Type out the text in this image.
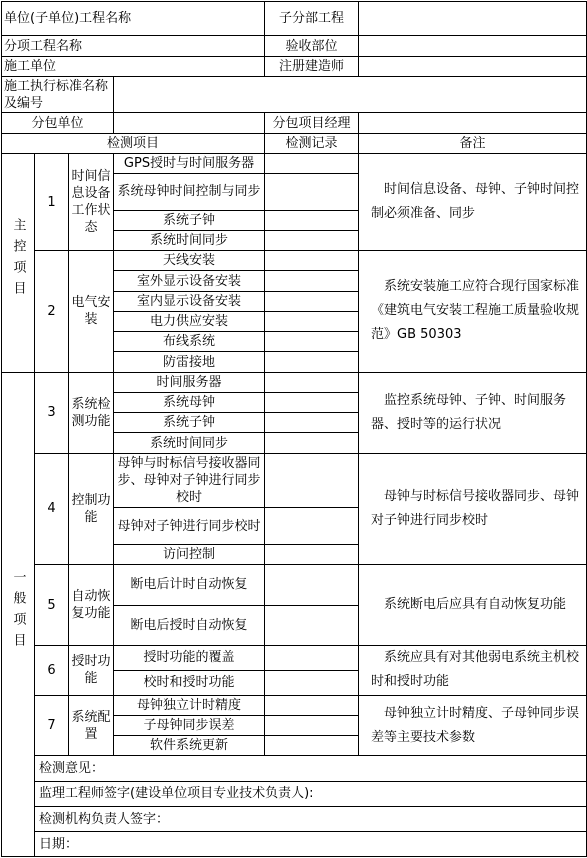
单位(子单位)工程名称				子分部工程	
分项工程名称				验收部位	
施工单位				注册建造师	
施工执行标准名称及编号					
分包单位				分包项目经理	
检测项目				检测记录	备注
主控项目	1	时间信息设备工作状态	GPS授时与时间服务器		时间信息设备、母钟、子钟时间控制必须准备、同步
			系统母钟时间控制与同步		
			系统子钟		
			系统时间同步		
	2	电气安装	天线安装		系统安装施工应符合现行国家标准《建筑电气安装工程施工质量验收规范》GB 50303
			室外显示设备安装		
			室内显示设备安装		
			电力供应安装		
			布线系统		
			防雷接地		
一般项目	3	系统检测功能	时间服务器		监控系统母钟、子钟、时间服务器、授时等的运行状况
			系统母钟		
			系统子钟		
			系统时间同步		
	4	控制功能	母钟与时标信号接收器同步、母钟对子钟进行同步校时		母钟与时标信号接收器同步、母钟对子钟进行同步校时
			母钟对子钟进行同步校时		
			访问控制		
	5	自动恢复功能	断电后计时自动恢复		系统断电后应具有自动恢复功能
			断电后授时自动恢复		
	6	授时功能	授时功能的覆盖		系统应具有对其他弱电系统主机校时和授时功能
			校时和授时功能		
	7	系统配置	母钟独立计时精度		母钟独立计时精度、子母钟同步误差等主要技术参数
			子母钟同步误差		
			软件系统更新		
	检测意见：				
	监理工程师签字(建设单位项目专业技术负责人):				
	检测机构负责人签字：				
	日期：				
